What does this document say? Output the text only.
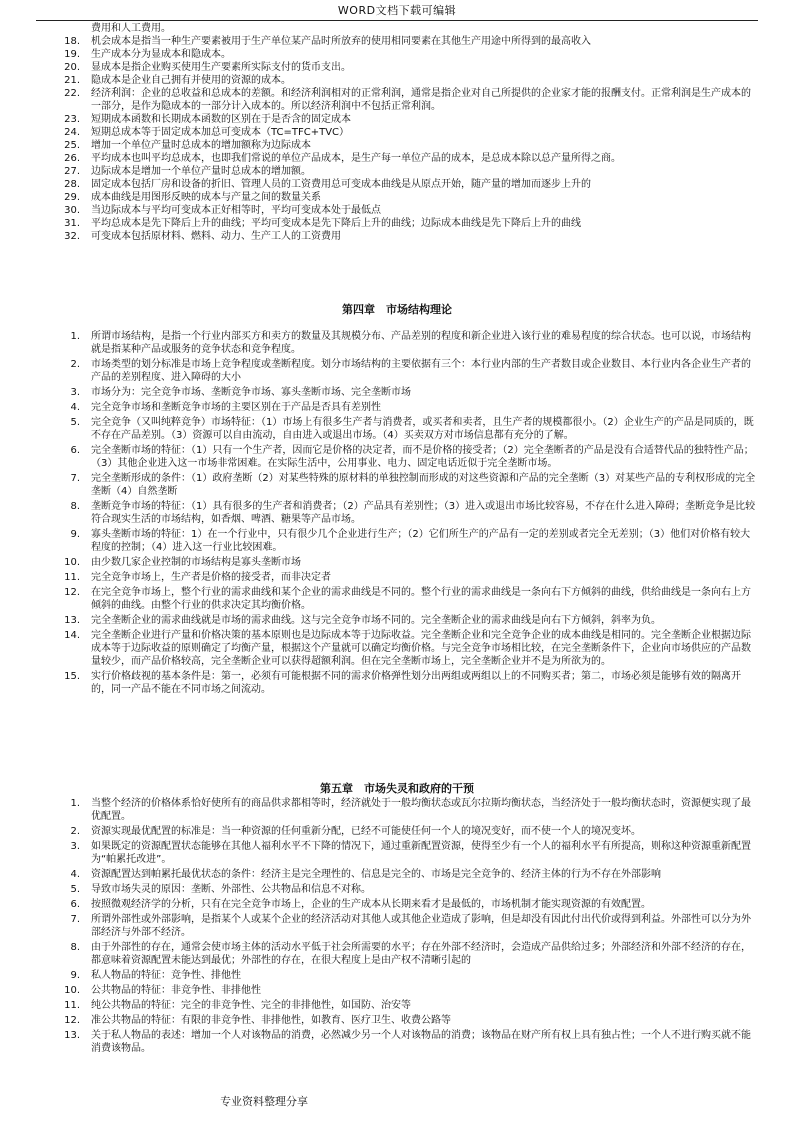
WORD文档下载可编辑
费用和人工费用。
18. 机会成本是指当一种生产要素被用于生产单位某产品时所放弃的使用相同要素在其他生产用途中所得到的最高收入
19. 生产成本分为显成本和隐成本。
20. 显成本是指企业购买使用生产要素所实际支付的货币支出。
21. 隐成本是企业自己拥有并使用的资源的成本。
22. 经济利润：企业的总收益和总成本的差额。和经济利润相对的正常利润，通常是指企业对自己所提供的企业家才能的报酬支付。正常利润是生产成本的一部分，是作为隐成本的一部分计入成本的。所以经济利润中不包括正常利润。
23. 短期成本函数和长期成本函数的区别在于是否含的固定成本
24. 短期总成本等于固定成本加总可变成本（TC=TFC+TVC）
25. 增加一个单位产量时总成本的增加额称为边际成本
26. 平均成本也叫平均总成本，也即我们常说的单位产品成本，是生产每一单位产品的成本，是总成本除以总产量所得之商。
27. 边际成本是增加一个单位产量时总成本的增加额。
28. 固定成本包括厂房和设备的折旧、管理人员的工资费用总可变成本曲线是从原点开始，随产量的增加而逐步上升的
29. 成本曲线是用图形反映的成本与产量之间的数量关系
30. 当边际成本与平均可变成本正好相等时，平均可变成本处于最低点
31. 平均总成本是先下降后上升的曲线；平均可变成本是先下降后上升的曲线；边际成本曲线是先下降后上升的曲线
32. 可变成本包括原材料、燃料、动力、生产工人的工资费用
第四章　市场结构理论
1. 所谓市场结构，是指一个行业内部买方和卖方的数量及其规模分布、产品差别的程度和新企业进入该行业的难易程度的综合状态。也可以说，市场结构就是指某种产品或服务的竞争状态和竞争程度。
2. 市场类型的划分标准是市场上竞争程度或垄断程度。划分市场结构的主要依据有三个：本行业内部的生产者数目或企业数目、本行业内各企业生产者的产品的差别程度、进入障碍的大小
3. 市场分为：完全竞争市场、垄断竞争市场、寡头垄断市场、完全垄断市场
4. 完全竞争市场和垄断竞争市场的主要区别在于产品是否具有差别性
5. 完全竞争（又叫纯粹竞争）市场特征：（1）市场上有很多生产者与消费者，或买者和卖者，且生产者的规模都很小。（2）企业生产的产品是同质的，既不存在产品差别。（3）资源可以自由流动，自由进入或退出市场。（4）买卖双方对市场信息都有充分的了解。
6. 完全垄断市场的特征：（1）只有一个生产者，因而它是价格的决定者，而不是价格的接受者；（2）完全垄断者的产品是没有合适替代品的独特性产品；（3）其他企业进入这一市场非常困难。在实际生活中，公用事业、电力、固定电话近似于完全垄断市场。
7. 完全垄断形成的条件：（1）政府垄断（2）对某些特殊的原材料的单独控制而形成的对这些资源和产品的完全垄断（3）对某些产品的专利权形成的完全垄断（4）自然垄断
8. 垄断竞争市场的特征：（1）具有很多的生产者和消费者；（2）产品具有差别性；（3）进入或退出市场比较容易，不存在什么进入障碍；垄断竞争是比较符合现实生活的市场结构，如香烟、啤酒、糖果等产品市场。
9. 寡头垄断市场的特征：1）在一个行业中，只有很少几个企业进行生产；（2）它们所生产的产品有一定的差别或者完全无差别；（3）他们对价格有较大程度的控制；（4）进入这一行业比较困难。
10. 由少数几家企业控制的市场结构是寡头垄断市场
11. 完全竞争市场上，生产者是价格的接受者，而非决定者
12. 在完全竞争市场上，整个行业的需求曲线和某个企业的需求曲线是不同的。整个行业的需求曲线是一条向右下方倾斜的曲线，供给曲线是一条向右上方倾斜的曲线。由整个行业的供求决定其均衡价格。
13. 完全垄断企业的需求曲线就是市场的需求曲线。这与完全竞争市场不同的。完全垄断企业的需求曲线是向右下方倾斜，斜率为负。
14. 完全垄断企业进行产量和价格决策的基本原则也是边际成本等于边际收益。完全垄断企业和完全竞争企业的成本曲线是相同的。完全垄断企业根据边际成本等于边际收益的原则确定了均衡产量，根据这个产量就可以确定均衡价格。与完全竞争市场相比较，在完全垄断条件下，企业向市场供应的产品数量较少，而产品价格较高，完全垄断企业可以获得超额利润。但在完全垄断市场上，完全垄断企业并不是为所欲为的。
15. 实行价格歧视的基本条件是：第一，必须有可能根据不同的需求价格弹性划分出两组或两组以上的不同购买者；第二，市场必须是能够有效的隔离开的，同一产品不能在不同市场之间流动。
第五章　市场失灵和政府的干预
1. 当整个经济的价格体系恰好使所有的商品供求都相等时，经济就处于一般均衡状态或瓦尔拉斯均衡状态，当经济处于一般均衡状态时，资源便实现了最优配置。
2. 资源实现最优配置的标准是：当一种资源的任何重新分配，已经不可能使任何一个人的境况变好，而不使一个人的境况变坏。
3. 如果既定的资源配置状态能够在其他人福利水平不下降的情况下，通过重新配置资源，使得至少有一个人的福利水平有所提高，则称这种资源重新配置为“帕累托改进”。
4. 资源配置达到帕累托最优状态的条件：经济主是完全理性的、信息是完全的、市场是完全竞争的、经济主体的行为不存在外部影响
5. 导致市场失灵的原因：垄断、外部性、公共物品和信息不对称。
6. 按照微观经济学的分析，只有在完全竞争市场上，企业的生产成本从长期来看才是最低的，市场机制才能实现资源的有效配置。
7. 所谓外部性或外部影响，是指某个人或某个企业的经济活动对其他人或其他企业造成了影响，但是却没有因此付出代价或得到利益。外部性可以分为外部经济与外部不经济。
8. 由于外部性的存在，通常会使市场主体的活动水平低于社会所需要的水平；存在外部不经济时，会造成产品供给过多；外部经济和外部不经济的存在，都意味着资源配置未能达到最优；外部性的存在，在很大程度上是由产权不清晰引起的
9. 私人物品的特征：竞争性、排他性
10. 公共物品的特征：非竞争性、非排他性
11. 纯公共物品的特征：完全的非竞争性、完全的非排他性，如国防、治安等
12. 准公共物品的特征：有限的非竞争性、非排他性，如教育、医疗卫生、收费公路等
13. 关于私人物品的表述：增加一个人对该物品的消费，必然减少另一个人对该物品的消费；该物品在财产所有权上具有独占性；一个人不进行购买就不能消费该物品。
专业资料整理分享
